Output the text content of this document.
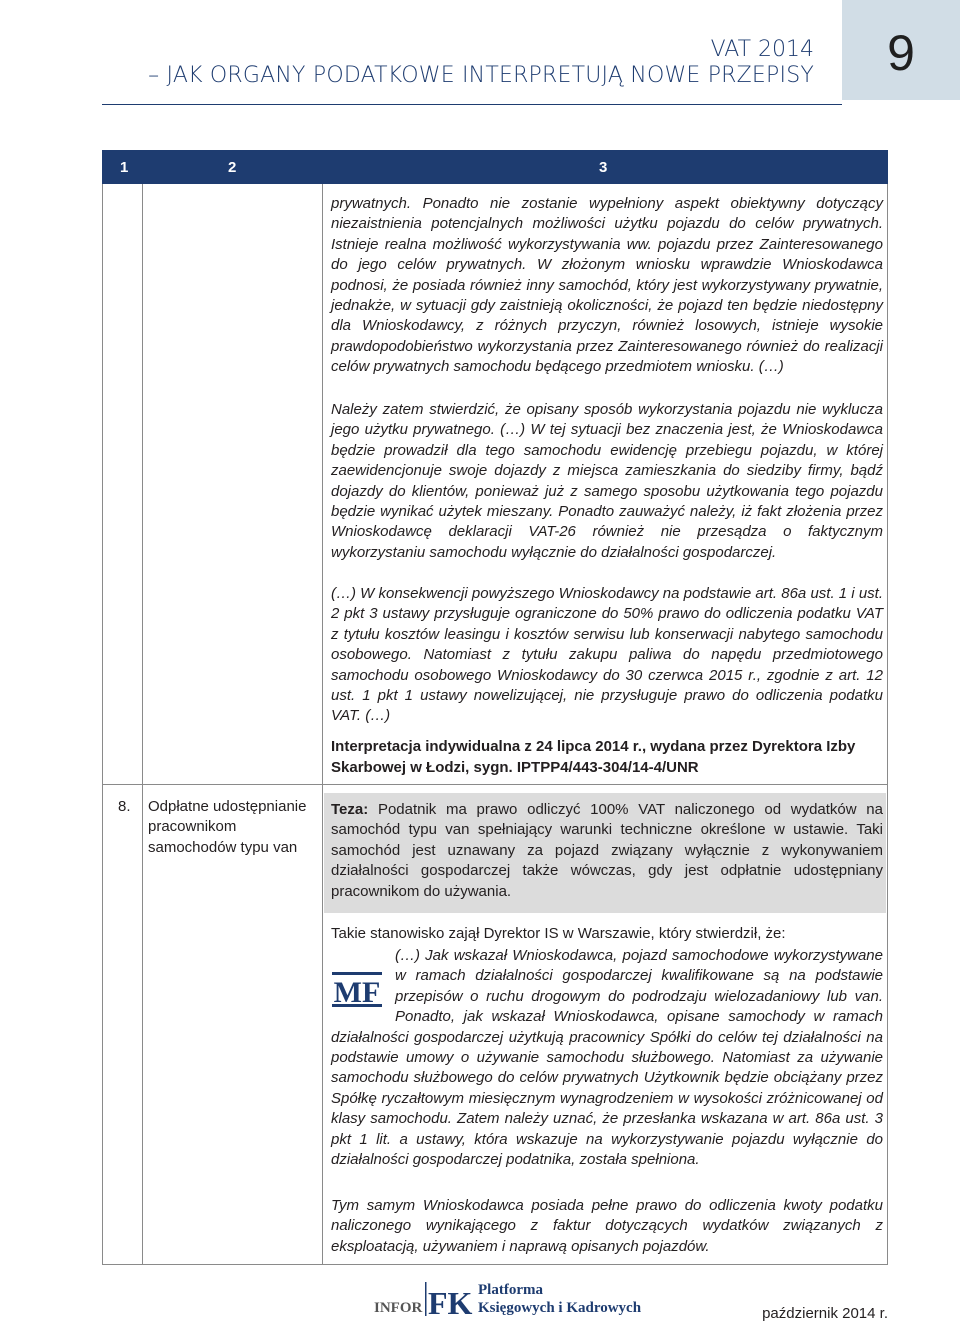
9
VAT 2014
– JAK ORGANY PODATKOWE INTERPRETUJĄ NOWE PRZEPISY
1	2	3
prywatnych. Ponadto nie zostanie wypełniony aspekt obiektywny dotyczący niezaistnienia potencjalnych możliwości użytku pojazdu do celów prywatnych. Istnieje realna możliwość wykorzystywania ww. pojazdu przez Zainteresowanego do jego celów prywatnych. W złożonym wniosku wprawdzie Wnioskodawca podnosi, że posiada również inny samochód, który jest wykorzystywany prywatnie, jednakże, w sytuacji gdy zaistnieją okoliczności, że pojazd ten będzie niedostępny dla Wnioskodawcy, z różnych przyczyn, również losowych, istnieje wysokie prawdopodobieństwo wykorzystania przez Zainteresowanego również do realizacji celów prywatnych samochodu będącego przedmiotem wniosku. (…)
Należy zatem stwierdzić, że opisany sposób wykorzystania pojazdu nie wyklucza jego użytku prywatnego. (…) W tej sytuacji bez znaczenia jest, że Wnioskodawca będzie prowadził dla tego samochodu ewidencję przebiegu pojazdu, w której zaewidencjonuje swoje dojazdy z miejsca zamieszkania do siedziby firmy, bądź dojazdy do klientów, ponieważ już z samego sposobu użytkowania tego pojazdu będzie wynikać użytek mieszany. Ponadto zauważyć należy, iż fakt złożenia przez Wnioskodawcę deklaracji VAT-26 również nie przesądza o faktycznym wykorzystaniu samochodu wyłącznie do działalności gospodarczej.
(…) W konsekwencji powyższego Wnioskodawcy na podstawie art. 86a ust. 1 i ust. 2 pkt 3 ustawy przysługuje ograniczone do 50% prawo do odliczenia podatku VAT z tytułu kosztów leasingu i kosztów serwisu lub konserwacji nabytego samochodu osobowego. Natomiast z tytułu zakupu paliwa do napędu przedmiotowego samochodu osobowego Wnioskodawcy do 30 czerwca 2015 r., zgodnie z art. 12 ust. 1 pkt 1 ustawy nowelizującej, nie przysługuje prawo do odliczenia podatku VAT. (…)
Interpretacja indywidualna z 24 lipca 2014 r., wydana przez Dyrektora Izby Skarbowej w Łodzi, sygn. IPTPP4/443-304/14-4/UNR
8.	Odpłatne udostępnianie pracownikom samochodów typu van
Teza: Podatnik ma prawo odliczyć 100% VAT naliczonego od wydatków na samochód typu van spełniający warunki techniczne określone w ustawie. Taki samochód jest uznawany za pojazd związany wyłącznie z wykonywaniem działalności gospodarczej także wówczas, gdy jest odpłatnie udostępniany pracownikom do używania.
Takie stanowisko zajął Dyrektor IS w Warszawie, który stwierdził, że:
MF
(…) Jak wskazał Wnioskodawca, pojazd samochodowe wykorzystywane w ramach działalności gospodarczej kwalifikowane są na podstawie przepisów o ruchu drogowym do podrodzaju wielozadaniowy lub van. Ponadto, jak wskazał Wnioskodawca, opisane samochody w ramach działalności gospodarczej użytkują pracownicy Spółki do celów tej działalności na podstawie umowy o używanie samochodu służbowego. Natomiast za używanie samochodu służbowego do celów prywatnych Użytkownik będzie obciążany przez Spółkę ryczałtowym miesięcznym wynagrodzeniem w wysokości zróżnicowanej od klasy samochodu. Zatem należy uznać, że przesłanka wskazana w art. 86a ust. 3 pkt 1 lit. a ustawy, która wskazuje na wykorzystywanie pojazdu wyłącznie do działalności gospodarczej podatnika, została spełniona.
Tym samym Wnioskodawca posiada pełne prawo do odliczenia kwoty podatku naliczonego wynikającego z faktur dotyczących wydatków związanych z eksploatacją, używaniem i naprawą opisanych pojazdów.
INFOR FK Platforma
Księgowych i Kadrowych	październik 2014 r.
